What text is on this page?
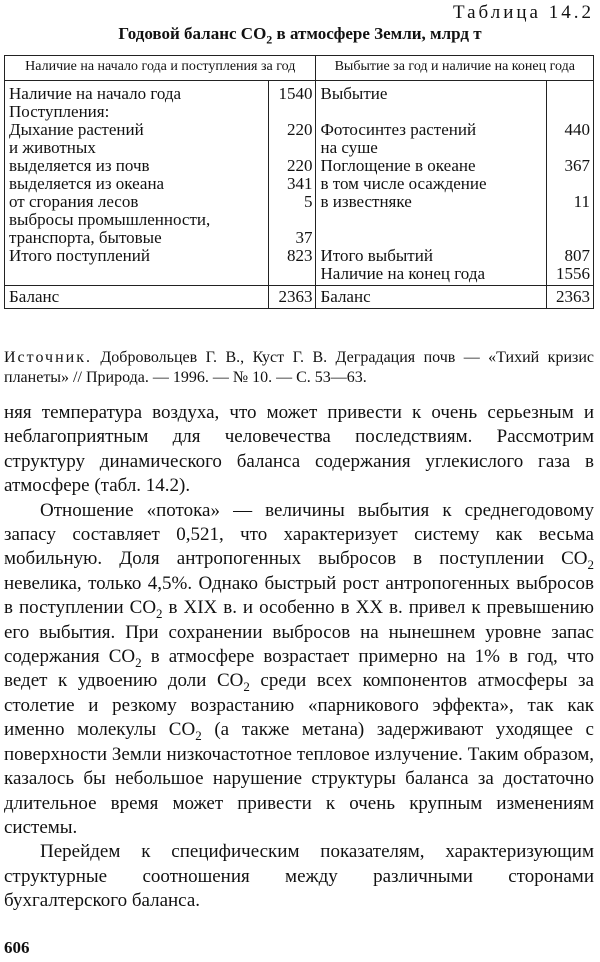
Таблица 14.2
Годовой баланс $СО_2$ в атмосфере Земли, млрд т
Наличие на начало года и поступления за год		Выбытие за год и наличие на конец года	
Наличие на начало года	1540	Выбытие	
Поступления:			
Дыхание растений	220	Фотосинтез растений	440
и животных		на суше	
выделяется из почв	220	Поглощение в океане	367
выделяется из океана	341	в том числе осаждение	
от сгорания лесов	5	в известняке	11
выбросы промышленности,			
транспорта, бытовые	37		
Итого поступлений	823	Итого выбытий	807
		Наличие на конец года	1556
Баланс	2363	Баланс	2363
Источник. Добровольцев Г. В., Куст Г. В. Деградация почв — «Тихий кризис планеты» // Природа. — 1996. — № 10. — С. 53—63.

няя температура воздуха, что может привести к очень серьезным и неблагоприятным для человечества последствиям. Рассмотрим структуру динамического баланса содержания углекислого газа в атмосфере (табл. 14.2).

Отношение «потока» — величины выбытия к среднегодовому запасу составляет 0,521, что характеризует систему как весьма мобильную. Доля антропогенных выбросов в поступлении $СО_2$ невелика, только 4,5%. Однако быстрый рост антропогенных выбросов в поступлении $СО_2$ в XIX в. и особенно в XX в. привел к превышению его выбытия. При сохранении выбросов на нынешнем уровне запас содержания $СО_2$ в атмосфере возрастает примерно на 1% в год, что ведет к удвоению доли $СО_2$ среди всех компонентов атмосферы за столетие и резкому возрастанию «парникового эффекта», так как именно молекулы $СО_2$ (а также метана) задерживают уходящее с поверхности Земли низкочастотное тепловое излучение. Таким образом, казалось бы небольшое нарушение структуры баланса за достаточно длительное время может привести к очень крупным изменениям системы.

Перейдем к специфическим показателям, характеризующим структурные соотношения между различными сторонами бухгалтерского баланса.

606
